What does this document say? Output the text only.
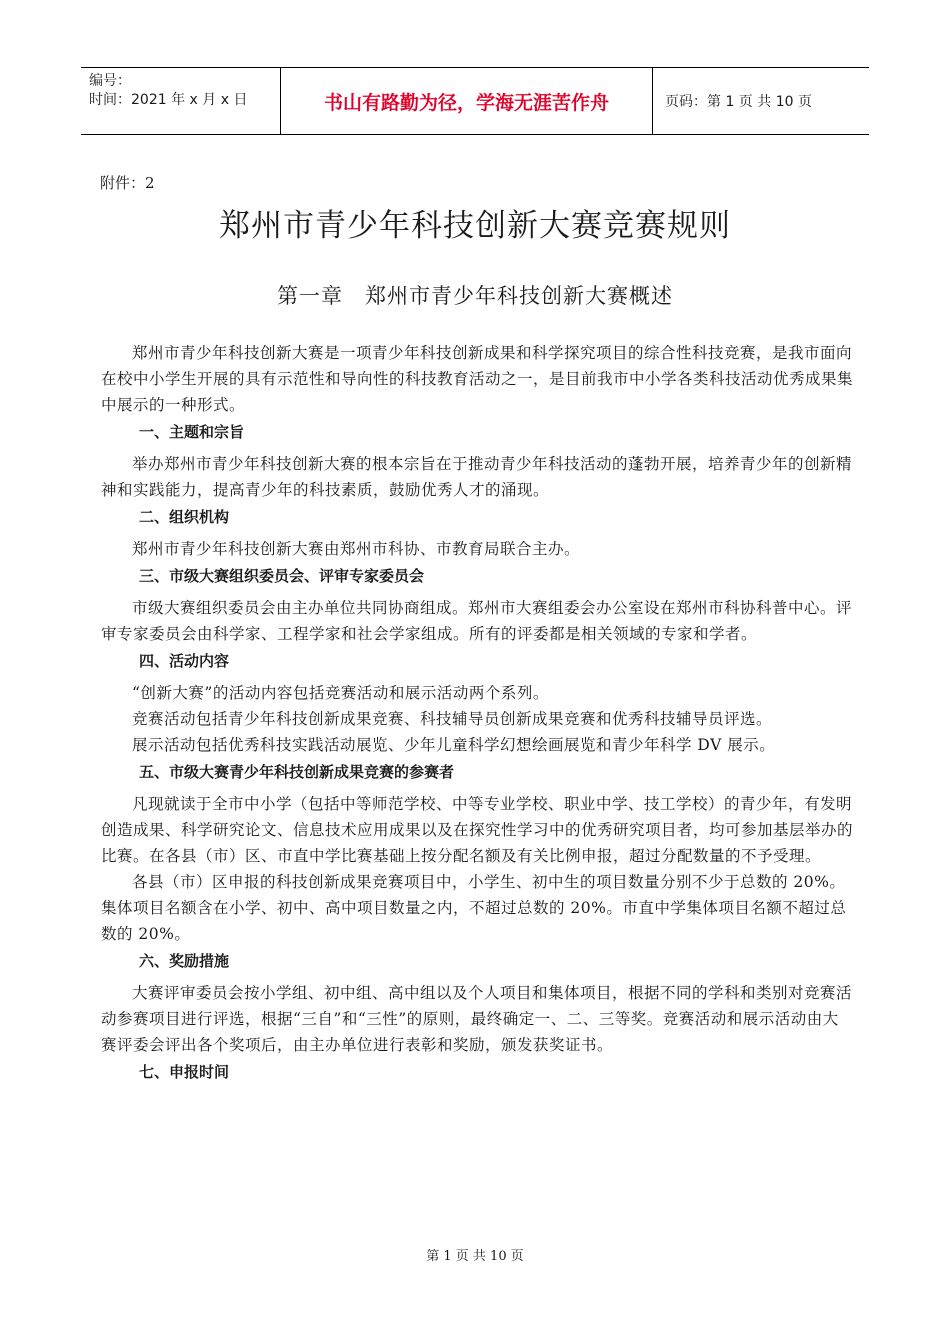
编号：
时间：2021 年 x 月 x 日	书山有路勤为径，学海无涯苦作舟	页码：第 1 页 共 10 页
附件：2
郑州市青少年科技创新大赛竞赛规则
第一章　郑州市青少年科技创新大赛概述

郑州市青少年科技创新大赛是一项青少年科技创新成果和科学探究项目的综合性科技竞赛，是我市面向在校中小学生开展的具有示范性和导向性的科技教育活动之一，是目前我市中小学各类科技活动优秀成果集中展示的一种形式。

一、主题和宗旨

举办郑州市青少年科技创新大赛的根本宗旨在于推动青少年科技活动的蓬勃开展，培养青少年的创新精神和实践能力，提高青少年的科技素质，鼓励优秀人才的涌现。

二、组织机构

郑州市青少年科技创新大赛由郑州市科协、市教育局联合主办。

三、市级大赛组织委员会、评审专家委员会

市级大赛组织委员会由主办单位共同协商组成。郑州市大赛组委会办公室设在郑州市科协科普中心。评审专家委员会由科学家、工程学家和社会学家组成。所有的评委都是相关领域的专家和学者。

四、活动内容

“创新大赛”的活动内容包括竞赛活动和展示活动两个系列。

竞赛活动包括青少年科技创新成果竞赛、科技辅导员创新成果竞赛和优秀科技辅导员评选。

展示活动包括优秀科技实践活动展览、少年儿童科学幻想绘画展览和青少年科学 DV 展示。

五、市级大赛青少年科技创新成果竞赛的参赛者

凡现就读于全市中小学（包括中等师范学校、中等专业学校、职业中学、技工学校）的青少年，有发明创造成果、科学研究论文、信息技术应用成果以及在探究性学习中的优秀研究项目者，均可参加基层举办的比赛。在各县（市）区、市直中学比赛基础上按分配名额及有关比例申报，超过分配数量的不予受理。

各县（市）区申报的科技创新成果竞赛项目中，小学生、初中生的项目数量分别不少于总数的 20%。集体项目名额含在小学、初中、高中项目数量之内，不超过总数的 20%。市直中学集体项目名额不超过总数的 20%。

六、奖励措施

大赛评审委员会按小学组、初中组、高中组以及个人项目和集体项目，根据不同的学科和类别对竞赛活动参赛项目进行评选，根据“三自”和“三性”的原则，最终确定一、二、三等奖。竞赛活动和展示活动由大赛评委会评出各个奖项后，由主办单位进行表彰和奖励，颁发获奖证书。

七、申报时间
第 1 页 共 10 页
